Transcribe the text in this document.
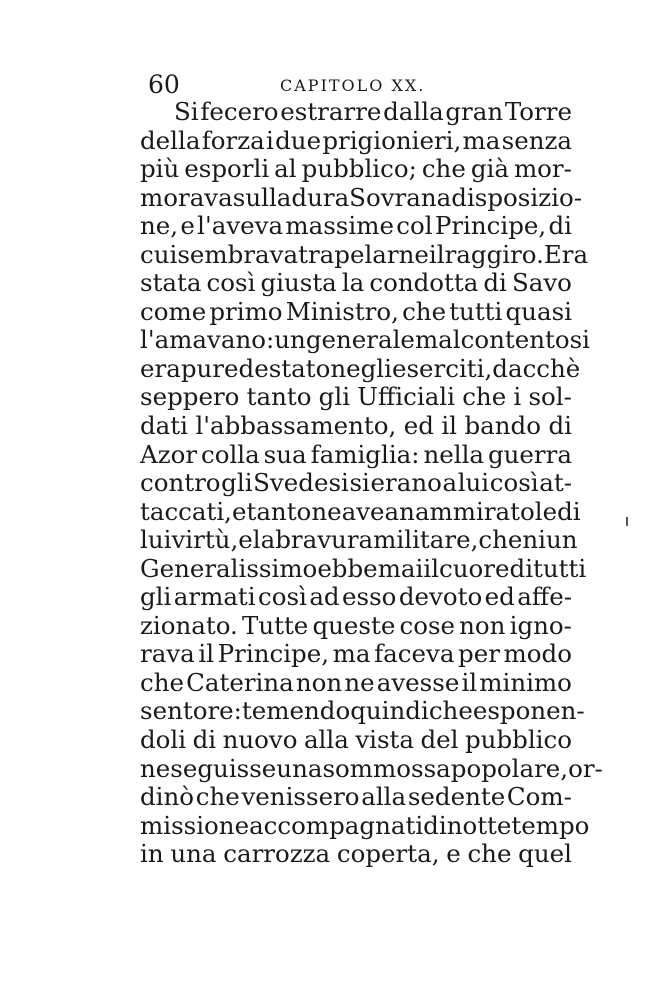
60	CAPITOLO XX.
Si fecero estrarre dalla gran Torre
della forza i due prigionieri, ma senza
più esporli al pubblico; che già mor-
morava sulla dura Sovrana disposizio-
ne, e l'aveva massime col Principe, di
cui sembrava trapelarne il raggiro. Era
stata così giusta la condotta di Savo
come primo Ministro, che tutti quasi
l'amavano: un generale malcontento si
era pure destato negli eserciti, dacchè
seppero tanto gli Ufficiali che i sol-
dati l'abbassamento, ed il bando di
Azor colla sua famiglia: nella guerra
contro gli Svedesi si erano a lui così at-
taccati, e tanto ne avean ammirato le di
lui virtù, e la bravura militare, che niun
Generalissimo ebbe mai il cuore di tutti
gli armati così ad esso devoto ed affe-
zionato. Tutte queste cose non igno-
rava il Principe, ma faceva per modo
che Caterina non ne avesse il minimo
sentore: temendo quindi che esponen-
doli di nuovo alla vista del pubblico
ne seguisse una sommossa popolare, or-
dinò che venissero alla sedente Com-
missione accompagnati di notte tempo
in una carrozza coperta, e che quel
